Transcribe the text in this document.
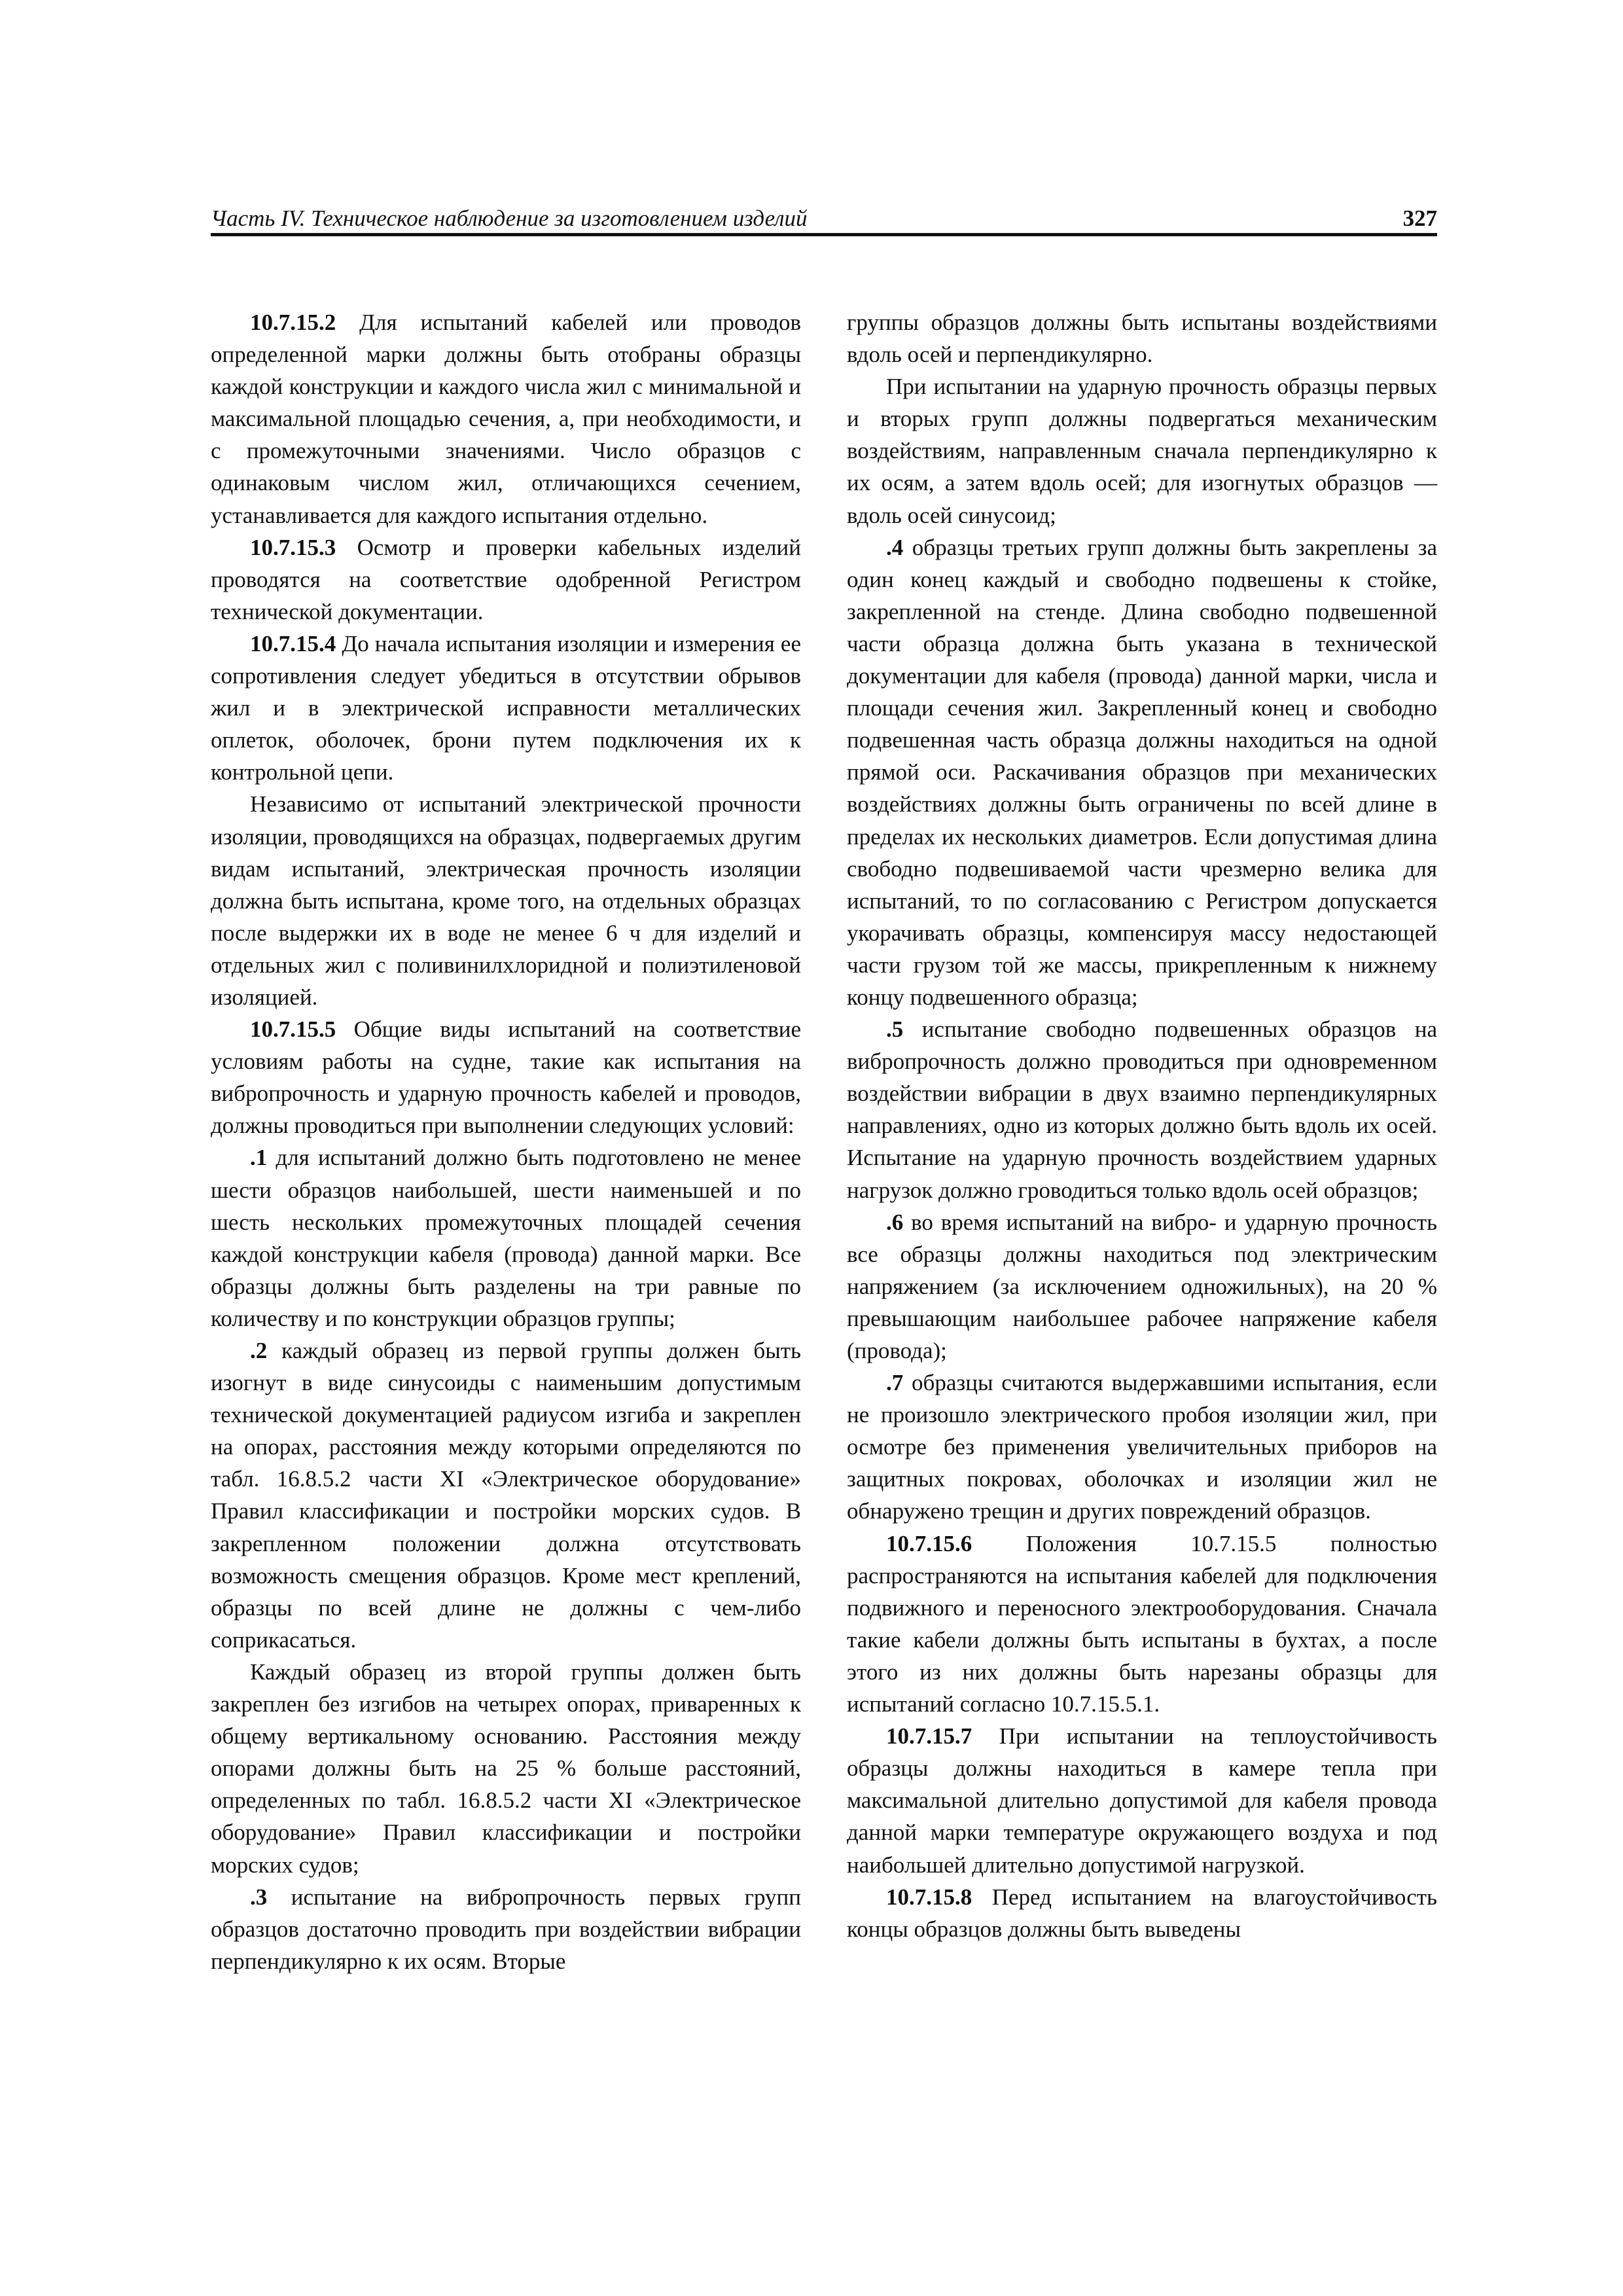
Часть IV. Техническое наблюдение за изготовлением изделий	327

10.7.15.2 Для испытаний кабелей или проводов определенной марки должны быть отобраны образцы каждой конструкции и каждого числа жил с минимальной и максимальной площадью сечения, а, при необходимости, и с промежуточными значениями. Число образцов с одинаковым числом жил, отличающихся сечением, устанавливается для каждого испытания отдельно.

10.7.15.3 Осмотр и проверки кабельных изделий проводятся на соответствие одобренной Регистром технической документации.

10.7.15.4 До начала испытания изоляции и измерения ее сопротивления следует убедиться в отсутствии обрывов жил и в электрической исправности металлических оплеток, оболочек, брони путем подключения их к контрольной цепи.

Независимо от испытаний электрической прочности изоляции, проводящихся на образцах, подвергаемых другим видам испытаний, электрическая прочность изоляции должна быть испытана, кроме того, на отдельных образцах после выдержки их в воде не менее 6 ч для изделий и отдельных жил с поливинилхлоридной и полиэтиленовой изоляцией.

10.7.15.5 Общие виды испытаний на соответствие условиям работы на судне, такие как испытания на вибропрочность и ударную прочность кабелей и проводов, должны проводиться при выполнении следующих условий:

.1 для испытаний должно быть подготовлено не менее шести образцов наибольшей, шести наименьшей и по шесть нескольких промежуточных площадей сечения каждой конструкции кабеля (провода) данной марки. Все образцы должны быть разделены на три равные по количеству и по конструкции образцов группы;

.2 каждый образец из первой группы должен быть изогнут в виде синусоиды с наименьшим допустимым технической документацией радиусом изгиба и закреплен на опорах, расстояния между которыми определяются по табл. 16.8.5.2 части XI «Электрическое оборудование» Правил классификации и постройки морских судов. В закрепленном положении должна отсутствовать возможность смещения образцов. Кроме мест креплений, образцы по всей длине не должны с чем-либо соприкасаться.

Каждый образец из второй группы должен быть закреплен без изгибов на четырех опорах, приваренных к общему вертикальному основанию. Расстояния между опорами должны быть на 25 % больше расстояний, определенных по табл. 16.8.5.2 части XI «Электрическое оборудование» Правил классификации и постройки морских судов;

.3 испытание на вибропрочность первых групп образцов достаточно проводить при воздействии вибрации перпендикулярно к их осям. Вторые

группы образцов должны быть испытаны воздействиями вдоль осей и перпендикулярно.

При испытании на ударную прочность образцы первых и вторых групп должны подвергаться механическим воздействиям, направленным сначала перпендикулярно к их осям, а затем вдоль осей; для изогнутых образцов — вдоль осей синусоид;

.4 образцы третьих групп должны быть закреплены за один конец каждый и свободно подвешены к стойке, закрепленной на стенде. Длина свободно подвешенной части образца должна быть указана в технической документации для кабеля (провода) данной марки, числа и площади сечения жил. Закрепленный конец и свободно подвешенная часть образца должны находиться на одной прямой оси. Раскачивания образцов при механических воздействиях должны быть ограничены по всей длине в пределах их нескольких диаметров. Если допустимая длина свободно подвешиваемой части чрезмерно велика для испытаний, то по согласованию с Регистром допускается укорачивать образцы, компенсируя массу недостающей части грузом той же массы, прикрепленным к нижнему концу подвешенного образца;

.5 испытание свободно подвешенных образцов на вибропрочность должно проводиться при одновременном воздействии вибрации в двух взаимно перпендикулярных направлениях, одно из которых должно быть вдоль их осей. Испытание на ударную прочность воздействием ударных нагрузок должно гроводиться только вдоль осей образцов;

.6 во время испытаний на вибро- и ударную прочность все образцы должны находиться под электрическим напряжением (за исключением одножильных), на 20 % превышающим наибольшее рабочее напряжение кабеля (провода);

.7 образцы считаются выдержавшими испытания, если не произошло электрического пробоя изоляции жил, при осмотре без применения увеличительных приборов на защитных покровах, оболочках и изоляции жил не обнаружено трещин и других повреждений образцов.

10.7.15.6 Положения 10.7.15.5 полностью распространяются на испытания кабелей для подключения подвижного и переносного электрооборудования. Сначала такие кабели должны быть испытаны в бухтах, а после этого из них должны быть нарезаны образцы для испытаний согласно 10.7.15.5.1.

10.7.15.7 При испытании на теплоустойчивость образцы должны находиться в камере тепла при максимальной длительно допустимой для кабеля провода данной марки температуре окружающего воздуха и под наибольшей длительно допустимой нагрузкой.

10.7.15.8 Перед испытанием на влагоустойчивость концы образцов должны быть выведены
